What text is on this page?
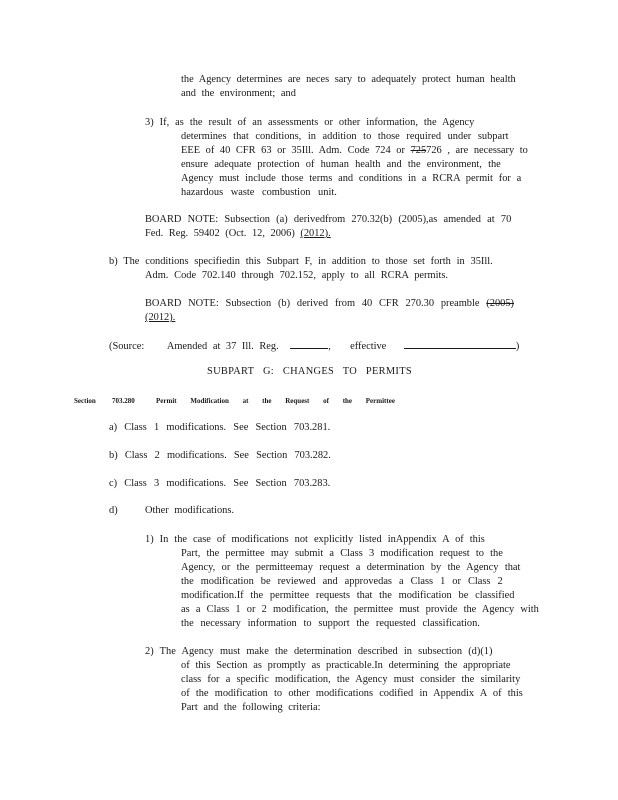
the Agency determines are neces sary to adequately protect human health
and the environment; and
3) If, as the result of an assessments or other information, the Agency
determines that conditions, in addition to those required under subpart
EEE of 40 CFR 63 or 35Ill. Adm. Code 724 or 725726 , are necessary to
ensure adequate protection of human health and the environment, the
Agency must include those terms and conditions in a RCRA permit for a
hazardous waste combustion unit.
BOARD NOTE: Subsection (a) derivedfrom 270.32(b) (2005),as amended at 70
Fed. Reg. 59402 (Oct. 12, 2006) (2012).
b) The conditions specifiedin this Subpart F, in addition to those set forth in 35Ill.
Adm. Code 702.140 through 702.152, apply to all RCRA permits.
BOARD NOTE: Subsection (b) derived from 40 CFR 270.30 preamble (2005)
(2012).
(Source: Amended at 37 Ill. Reg.	, effective	)
SUBPART G: CHANGES TO PERMITS
Section 703.280	Permit Modification at the Request of the Permittee
a) Class 1 modifications. See Section 703.281.
b) Class 2 modifications. See Section 703.282.
c) Class 3 modifications. See Section 703.283.
d)	Other modifications.
1) In the case of modifications not explicitly listed inAppendix A of this
Part, the permittee may submit a Class 3 modification request to the
Agency, or the permitteemay request a determination by the Agency that
the modification be reviewed and approvedas a Class 1 or Class 2
modification.If the permittee requests that the modification be classified
as a Class 1 or 2 modification, the permittee must provide the Agency with
the necessary information to support the requested classification.
2) The Agency must make the determination described in subsection (d)(1)
of this Section as promptly as practicable.In determining the appropriate
class for a specific modification, the Agency must consider the similarity
of the modification to other modifications codified in Appendix A of this
Part and the following criteria:
